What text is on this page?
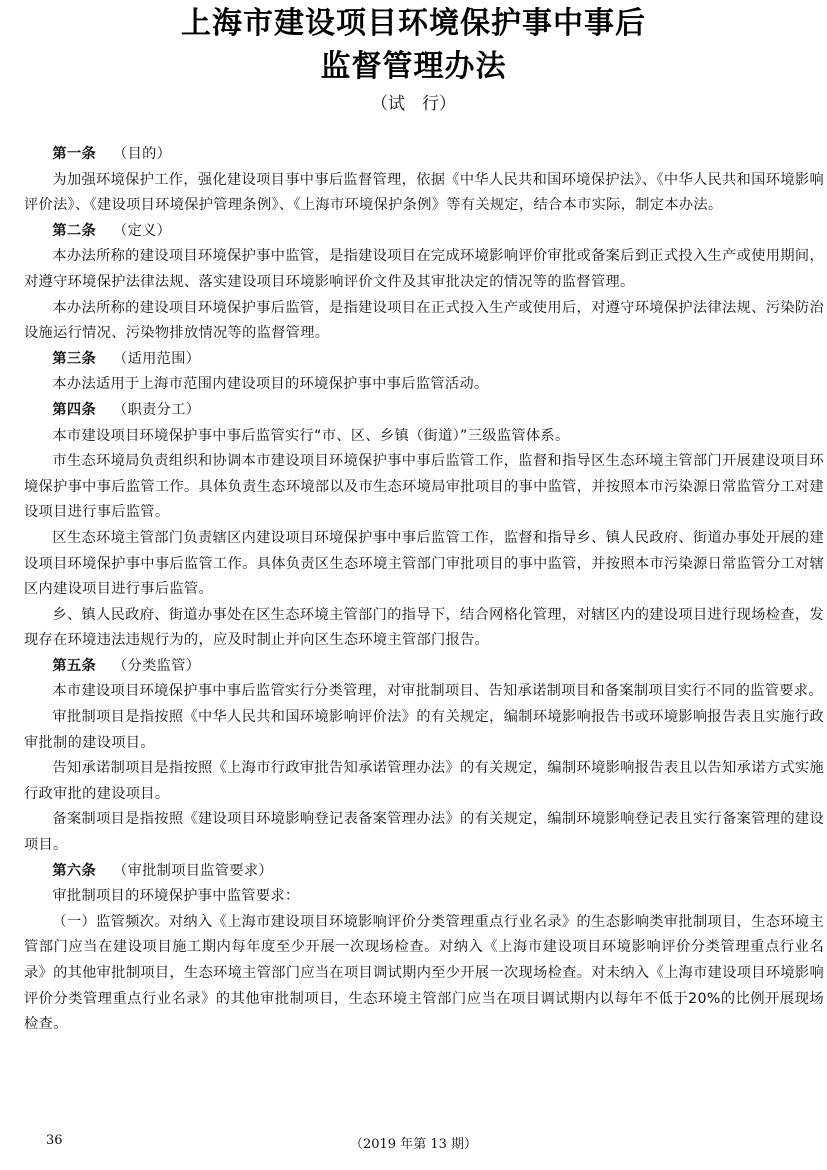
上海市建设项目环境保护事中事后
监督管理办法
（试　行）
第一条 （目的）

为加强环境保护工作，强化建设项目事中事后监督管理，依据《中华人民共和国环境保护法》、《中华人民共和国环境影响评价法》、《建设项目环境保护管理条例》、《上海市环境保护条例》等有关规定，结合本市实际，制定本办法。

第二条 （定义）

本办法所称的建设项目环境保护事中监管，是指建设项目在完成环境影响评价审批或备案后到正式投入生产或使用期间，对遵守环境保护法律法规、落实建设项目环境影响评价文件及其审批决定的情况等的监督管理。

本办法所称的建设项目环境保护事后监管，是指建设项目在正式投入生产或使用后，对遵守环境保护法律法规、污染防治设施运行情况、污染物排放情况等的监督管理。

第三条 （适用范围）

本办法适用于上海市范围内建设项目的环境保护事中事后监管活动。

第四条 （职责分工）

本市建设项目环境保护事中事后监管实行“市、区、乡镇（街道）”三级监管体系。

市生态环境局负责组织和协调本市建设项目环境保护事中事后监管工作，监督和指导区生态环境主管部门开展建设项目环境保护事中事后监管工作。具体负责生态环境部以及市生态环境局审批项目的事中监管，并按照本市污染源日常监管分工对建设项目进行事后监管。

区生态环境主管部门负责辖区内建设项目环境保护事中事后监管工作，监督和指导乡、镇人民政府、街道办事处开展的建设项目环境保护事中事后监管工作。具体负责区生态环境主管部门审批项目的事中监管，并按照本市污染源日常监管分工对辖区内建设项目进行事后监管。

乡、镇人民政府、街道办事处在区生态环境主管部门的指导下，结合网格化管理，对辖区内的建设项目进行现场检查，发现存在环境违法违规行为的，应及时制止并向区生态环境主管部门报告。

第五条 （分类监管）

本市建设项目环境保护事中事后监管实行分类管理，对审批制项目、告知承诺制项目和备案制项目实行不同的监管要求。

审批制项目是指按照《中华人民共和国环境影响评价法》的有关规定，编制环境影响报告书或环境影响报告表且实施行政审批制的建设项目。

告知承诺制项目是指按照《上海市行政审批告知承诺管理办法》的有关规定，编制环境影响报告表且以告知承诺方式实施行政审批的建设项目。

备案制项目是指按照《建设项目环境影响登记表备案管理办法》的有关规定，编制环境影响登记表且实行备案管理的建设项目。

第六条 （审批制项目监管要求）

审批制项目的环境保护事中监管要求：

（一）监管频次。对纳入《上海市建设项目环境影响评价分类管理重点行业名录》的生态影响类审批制项目，生态环境主管部门应当在建设项目施工期内每年度至少开展一次现场检查。对纳入《上海市建设项目环境影响评价分类管理重点行业名录》的其他审批制项目，生态环境主管部门应当在项目调试期内至少开展一次现场检查。对未纳入《上海市建设项目环境影响评价分类管理重点行业名录》的其他审批制项目，生态环境主管部门应当在项目调试期内以每年不低于20%的比例开展现场检查。

36	（2019 年第 13 期）
